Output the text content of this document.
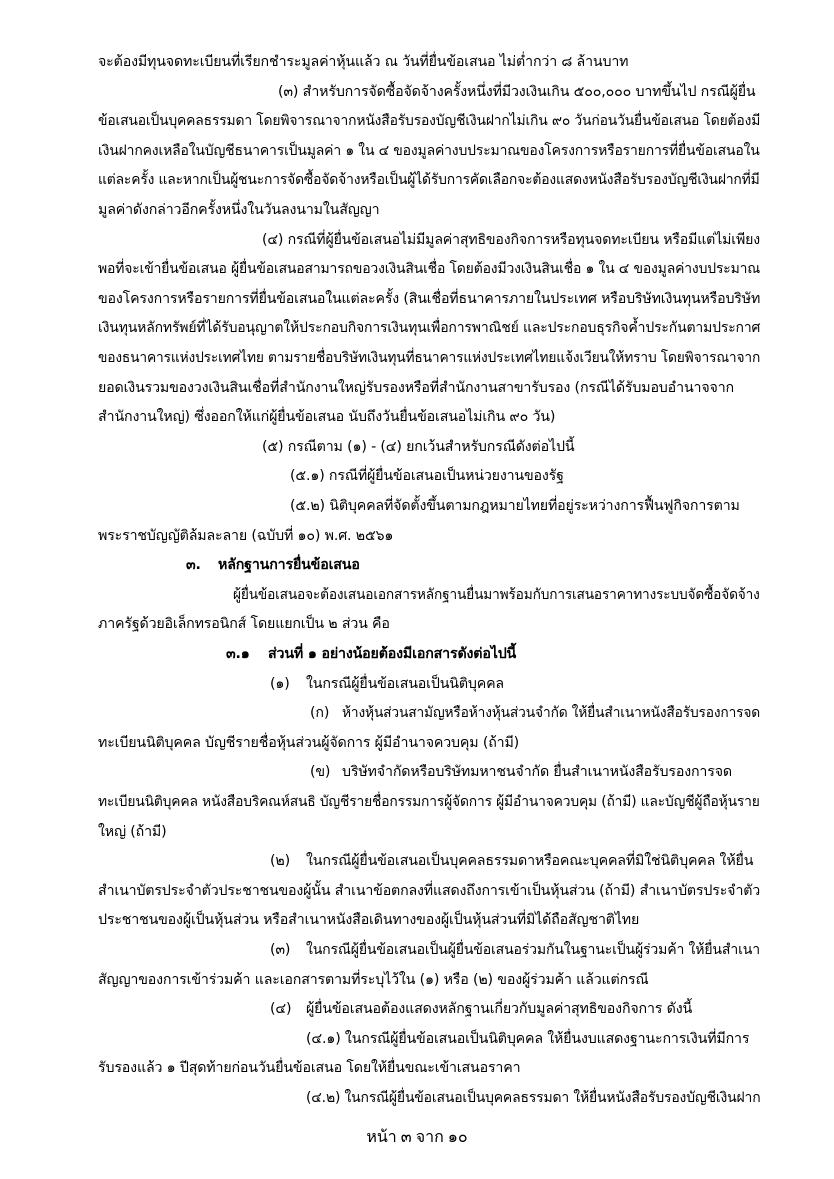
จะต้องมีทุนจดทะเบียนที่เรียกชำระมูลค่าหุ้นแล้ว ณ วันที่ยื่นข้อเสนอ ไม่ต่ำกว่า ๘ ล้านบาท
(๓) สำหรับการจัดซื้อจัดจ้างครั้งหนึ่งที่มีวงเงินเกิน ๕๐๐,๐๐๐ บาทขึ้นไป กรณีผู้ยื่น
ข้อเสนอเป็นบุคคลธรรมดา โดยพิจารณาจากหนังสือรับรองบัญชีเงินฝากไม่เกิน ๙๐ วันก่อนวันยื่นข้อเสนอ โดยต้องมี
เงินฝากคงเหลือในบัญชีธนาคารเป็นมูลค่า ๑ ใน ๔ ของมูลค่างบประมาณของโครงการหรือรายการที่ยื่นข้อเสนอใน
แต่ละครั้ง และหากเป็นผู้ชนะการจัดซื้อจัดจ้างหรือเป็นผู้ได้รับการคัดเลือกจะต้องแสดงหนังสือรับรองบัญชีเงินฝากที่มี
มูลค่าดังกล่าวอีกครั้งหนึ่งในวันลงนามในสัญญา
(๔) กรณีที่ผู้ยื่นข้อเสนอไม่มีมูลค่าสุทธิของกิจการหรือทุนจดทะเบียน หรือมีแต่ไม่เพียง
พอที่จะเข้ายื่นข้อเสนอ ผู้ยื่นข้อเสนอสามารถขอวงเงินสินเชื่อ โดยต้องมีวงเงินสินเชื่อ ๑ ใน ๔ ของมูลค่างบประมาณ
ของโครงการหรือรายการที่ยื่นข้อเสนอในแต่ละครั้ง (สินเชื่อที่ธนาคารภายในประเทศ หรือบริษัทเงินทุนหรือบริษัท
เงินทุนหลักทรัพย์ที่ได้รับอนุญาตให้ประกอบกิจการเงินทุนเพื่อการพาณิชย์ และประกอบธุรกิจค้ำประกันตามประกาศ
ของธนาคารแห่งประเทศไทย ตามรายชื่อบริษัทเงินทุนที่ธนาคารแห่งประเทศไทยแจ้งเวียนให้ทราบ โดยพิจารณาจาก
ยอดเงินรวมของวงเงินสินเชื่อที่สำนักงานใหญ่รับรองหรือที่สำนักงานสาขารับรอง (กรณีได้รับมอบอำนาจจาก
สำนักงานใหญ่) ซึ่งออกให้แก่ผู้ยื่นข้อเสนอ นับถึงวันยื่นข้อเสนอไม่เกิน ๙๐ วัน)
(๕) กรณีตาม (๑) - (๔) ยกเว้นสำหรับกรณีดังต่อไปนี้
(๕.๑) กรณีที่ผู้ยื่นข้อเสนอเป็นหน่วยงานของรัฐ
(๕.๒) นิติบุคคลที่จัดตั้งขึ้นตามกฎหมายไทยที่อยู่ระหว่างการฟื้นฟูกิจการตาม
พระราชบัญญัติล้มละลาย (ฉบับที่ ๑๐) พ.ศ. ๒๕๖๑
๓. หลักฐานการยื่นข้อเสนอ
ผู้ยื่นข้อเสนอจะต้องเสนอเอกสารหลักฐานยื่นมาพร้อมกับการเสนอราคาทางระบบจัดซื้อจัดจ้าง
ภาครัฐด้วยอิเล็กทรอนิกส์ โดยแยกเป็น ๒ ส่วน คือ
๓.๑ ส่วนที่ ๑ อย่างน้อยต้องมีเอกสารดังต่อไปนี้
(๑) ในกรณีผู้ยื่นข้อเสนอเป็นนิติบุคคล
(ก) ห้างหุ้นส่วนสามัญหรือห้างหุ้นส่วนจำกัด ให้ยื่นสำเนาหนังสือรับรองการจด
ทะเบียนนิติบุคคล บัญชีรายชื่อหุ้นส่วนผู้จัดการ ผู้มีอำนาจควบคุม (ถ้ามี)
(ข) บริษัทจำกัดหรือบริษัทมหาชนจำกัด ยื่นสำเนาหนังสือรับรองการจด
ทะเบียนนิติบุคคล หนังสือบริคณห์สนธิ บัญชีรายชื่อกรรมการผู้จัดการ ผู้มีอำนาจควบคุม (ถ้ามี) และบัญชีผู้ถือหุ้นราย
ใหญ่ (ถ้ามี)
(๒) ในกรณีผู้ยื่นข้อเสนอเป็นบุคคลธรรมดาหรือคณะบุคคลที่มิใช่นิติบุคคล ให้ยื่น
สำเนาบัตรประจำตัวประชาชนของผู้นั้น สำเนาข้อตกลงที่แสดงถึงการเข้าเป็นหุ้นส่วน (ถ้ามี) สำเนาบัตรประจำตัว
ประชาชนของผู้เป็นหุ้นส่วน หรือสำเนาหนังสือเดินทางของผู้เป็นหุ้นส่วนที่มิได้ถือสัญชาติไทย
(๓) ในกรณีผู้ยื่นข้อเสนอเป็นผู้ยื่นข้อเสนอร่วมกันในฐานะเป็นผู้ร่วมค้า ให้ยื่นสำเนา
สัญญาของการเข้าร่วมค้า และเอกสารตามที่ระบุไว้ใน (๑) หรือ (๒) ของผู้ร่วมค้า แล้วแต่กรณี
(๔) ผู้ยื่นข้อเสนอต้องแสดงหลักฐานเกี่ยวกับมูลค่าสุทธิของกิจการ ดังนี้
(๔.๑) ในกรณีผู้ยื่นข้อเสนอเป็นนิติบุคคล ให้ยื่นงบแสดงฐานะการเงินที่มีการ
รับรองแล้ว ๑ ปีสุดท้ายก่อนวันยื่นข้อเสนอ โดยให้ยื่นขณะเข้าเสนอราคา
(๔.๒) ในกรณีผู้ยื่นข้อเสนอเป็นบุคคลธรรมดา ให้ยื่นหนังสือรับรองบัญชีเงินฝาก
หน้า ๓ จาก ๑๐
